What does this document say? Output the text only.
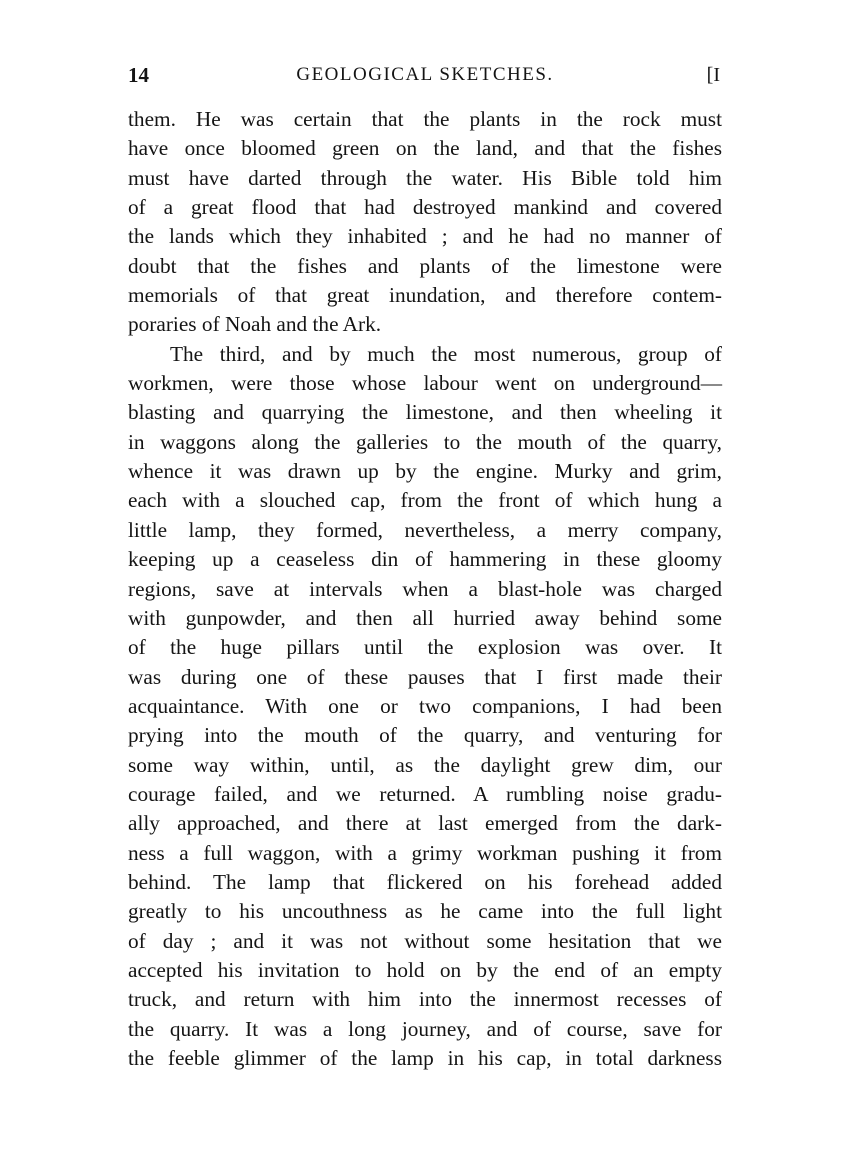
14	GEOLOGICAL SKETCHES.	[I
them. He was certain that the plants in the rock must
have once bloomed green on the land, and that the fishes
must have darted through the water. His Bible told him
of a great flood that had destroyed mankind and covered
the lands which they inhabited ; and he had no manner of
doubt that the fishes and plants of the limestone were
memorials of that great inundation, and therefore contem-
poraries of Noah and the Ark.
The third, and by much the most numerous, group of
workmen, were those whose labour went on underground—
blasting and quarrying the limestone, and then wheeling it
in waggons along the galleries to the mouth of the quarry,
whence it was drawn up by the engine. Murky and grim,
each with a slouched cap, from the front of which hung a
little lamp, they formed, nevertheless, a merry company,
keeping up a ceaseless din of hammering in these gloomy
regions, save at intervals when a blast-hole was charged
with gunpowder, and then all hurried away behind some
of the huge pillars until the explosion was over. It
was during one of these pauses that I first made their
acquaintance. With one or two companions, I had been
prying into the mouth of the quarry, and venturing for
some way within, until, as the daylight grew dim, our
courage failed, and we returned. A rumbling noise gradu-
ally approached, and there at last emerged from the dark-
ness a full waggon, with a grimy workman pushing it from
behind. The lamp that flickered on his forehead added
greatly to his uncouthness as he came into the full light
of day ; and it was not without some hesitation that we
accepted his invitation to hold on by the end of an empty
truck, and return with him into the innermost recesses of
the quarry. It was a long journey, and of course, save for
the feeble glimmer of the lamp in his cap, in total darkness
